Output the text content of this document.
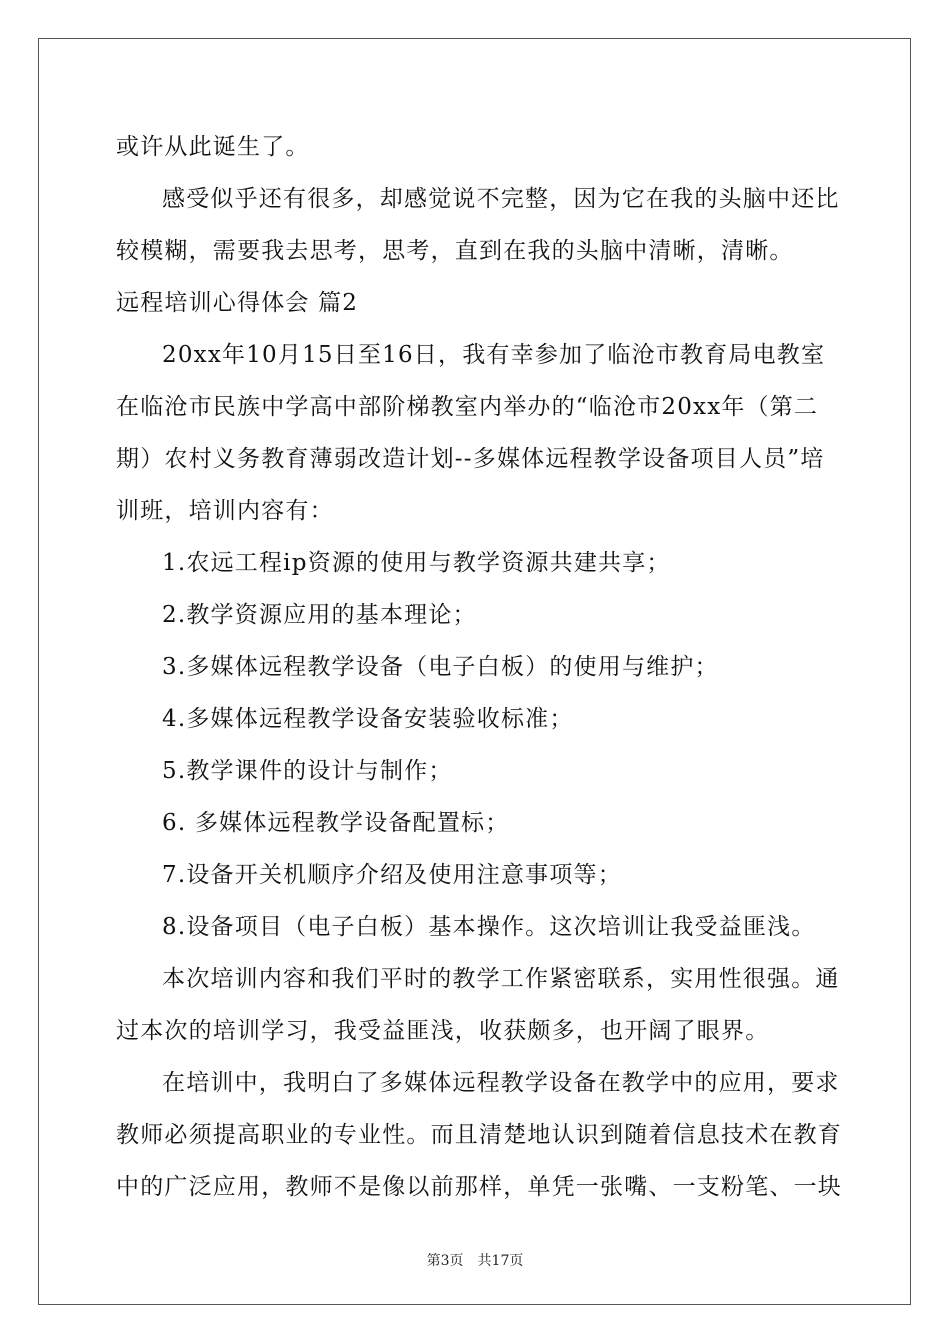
或许从此诞生了。
感受似乎还有很多，却感觉说不完整，因为它在我的头脑中还比
较模糊，需要我去思考，思考，直到在我的头脑中清晰，清晰。
远程培训心得体会 篇2
20xx年10月15日至16日，我有幸参加了临沧市教育局电教室
在临沧市民族中学高中部阶梯教室内举办的“临沧市20xx年（第二
期）农村义务教育薄弱改造计划--多媒体远程教学设备项目人员”培
训班，培训内容有：
1.农远工程ip资源的使用与教学资源共建共享；
2.教学资源应用的基本理论；
3.多媒体远程教学设备（电子白板）的使用与维护；
4.多媒体远程教学设备安装验收标准；
5.教学课件的设计与制作；
6. 多媒体远程教学设备配置标；
7.设备开关机顺序介绍及使用注意事项等；
8.设备项目（电子白板）基本操作。这次培训让我受益匪浅。
本次培训内容和我们平时的教学工作紧密联系，实用性很强。通
过本次的培训学习，我受益匪浅，收获颇多，也开阔了眼界。
在培训中，我明白了多媒体远程教学设备在教学中的应用，要求
教师必须提高职业的专业性。而且清楚地认识到随着信息技术在教育
中的广泛应用，教师不是像以前那样，单凭一张嘴、一支粉笔、一块
第3页 共17页
